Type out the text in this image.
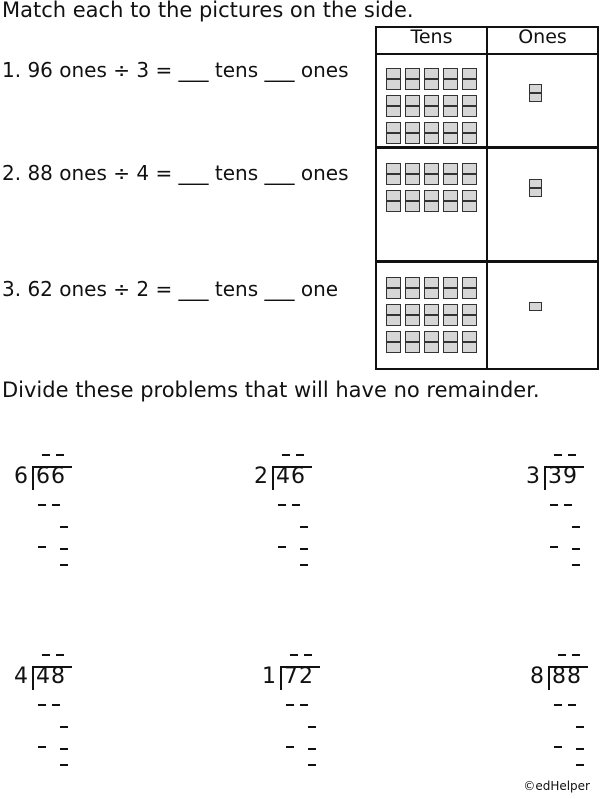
Match each to the pictures on the side.
1. 96 ones ÷ 3 = ___ tens ___ ones
2. 88 ones ÷ 4 = ___ tens ___ ones
3. 62 ones ÷ 2 = ___ tens ___ one
Tens	Ones
Divide these problems that will have no remainder.
6 66	2 46	3 39
4 48	1 72	8 88
©edHelper
